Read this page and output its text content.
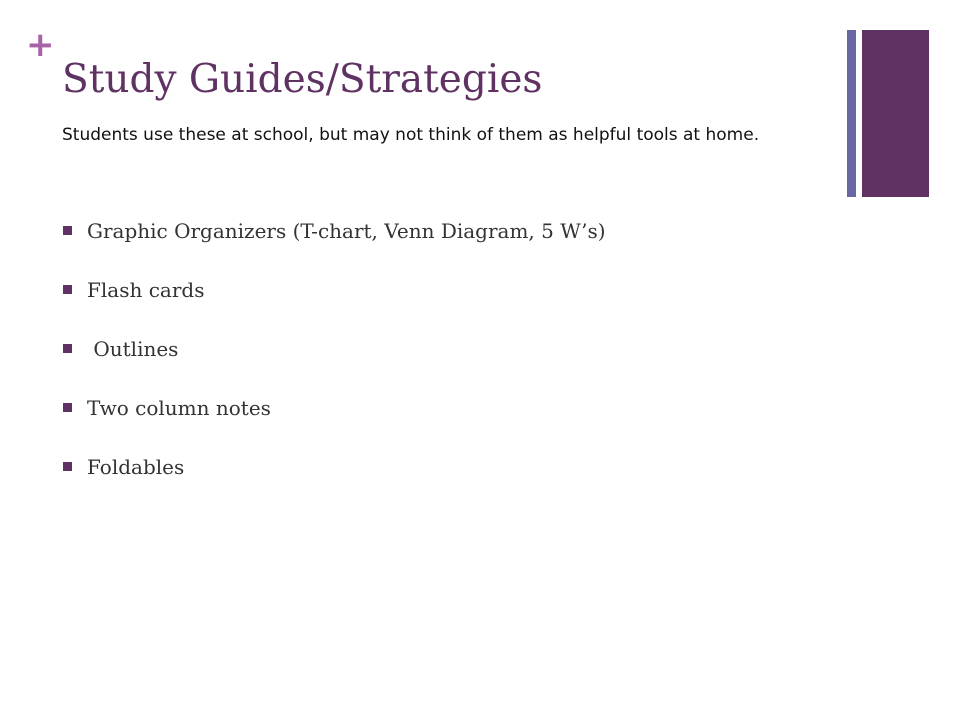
+
Study Guides/Strategies

Students use these at school, but may not think of them as helpful tools at home.

Graphic Organizers (T-chart, Venn Diagram, 5 W’s)

Flash cards

Outlines

Two column notes

Foldables
